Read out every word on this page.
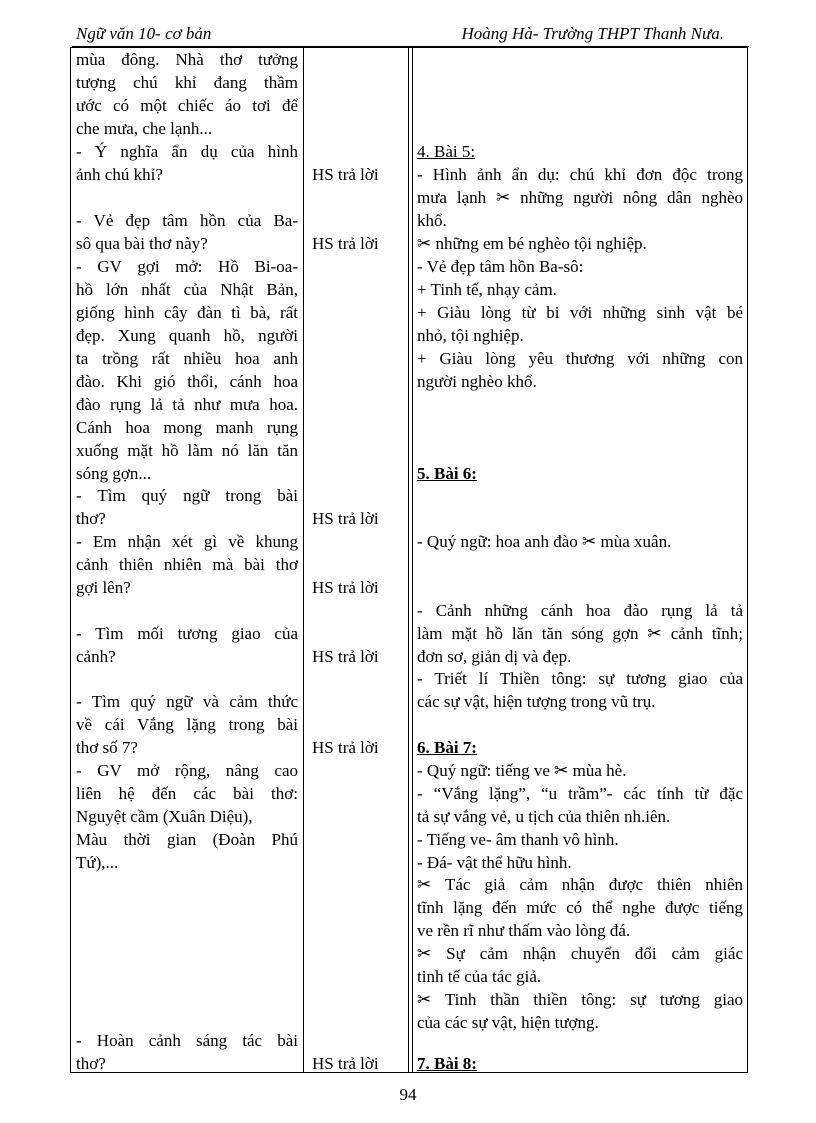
Ngữ văn 10- cơ bản	Hoàng Hà- Trường THPT Thanh Nưa.
mùa đông. Nhà thơ tưởng
tượng chú khỉ đang thầm
ước có một chiếc áo tơi để
che mưa, che lạnh...
- Ý nghĩa ẩn dụ của hình
ảnh chú khỉ?
- Vẻ đẹp tâm hồn của Ba-
sô qua bài thơ này?
- GV gợi mở: Hồ Bi-oa-
hồ lớn nhất của Nhật Bản,
giống hình cây đàn tì bà, rất
đẹp. Xung quanh hồ, người
ta trồng rất nhiều hoa anh
đào. Khi gió thổi, cánh hoa
đào rụng lả tả như mưa hoa.
Cánh hoa mong manh rụng
xuống mặt hồ làm nó lăn tăn
sóng gợn...
- Tìm quý ngữ trong bài
thơ?
- Em nhận xét gì về khung
cảnh thiên nhiên mà bài thơ
gợi lên?
- Tìm mối tương giao của
cảnh?
- Tìm quý ngữ và cảm thức
về cái Vắng lặng trong bài
thơ số 7?
- GV mở rộng, nâng cao
liên hệ đến các bài thơ:
Nguyệt cầm (Xuân Diệu),
Màu thời gian (Đoàn Phú
Tứ),...
- Hoàn cảnh sáng tác bài
thơ?
HS trả lời
HS trả lời
HS trả lời
HS trả lời
HS trả lời
HS trả lời
HS trả lời
4. Bài 5:
- Hình ảnh ẩn dụ: chú khỉ đơn độc trong
mưa lạnh ✂ những người nông dân nghèo
khổ.
✂ những em bé nghèo tội nghiệp.
- Vẻ đẹp tâm hồn Ba-sô:
+ Tinh tế, nhạy cảm.
+ Giàu lòng từ bi với những sinh vật bé
nhỏ, tội nghiệp.
+ Giàu lòng yêu thương với những con
người nghèo khổ.
5. Bài 6:
- Quý ngữ: hoa anh đào ✂ mùa xuân.
- Cảnh những cánh hoa đào rụng lả tả
làm mặt hồ lăn tăn sóng gợn ✂ cảnh tĩnh;
đơn sơ, giản dị và đẹp.
- Triết lí Thiền tông: sự tương giao của
các sự vật, hiện tượng trong vũ trụ.
6. Bài 7:
- Quý ngữ: tiếng ve ✂ mùa hè.
- “Vắng lặng”, “u trầm”- các tính từ đặc
tả sự vắng vẻ, u tịch của thiên nh.iên.
- Tiếng ve- âm thanh vô hình.
- Đá- vật thể hữu hình.
✂ Tác giả cảm nhận được thiên nhiên
tĩnh lặng đến mức có thể nghe được tiếng
ve rền rĩ như thấm vào lòng đá.
✂ Sự cảm nhận chuyển đổi cảm giác
tinh tế của tác giả.
✂ Tinh thần thiền tông: sự tương giao
của các sự vật, hiện tượng.
7. Bài 8:
94
